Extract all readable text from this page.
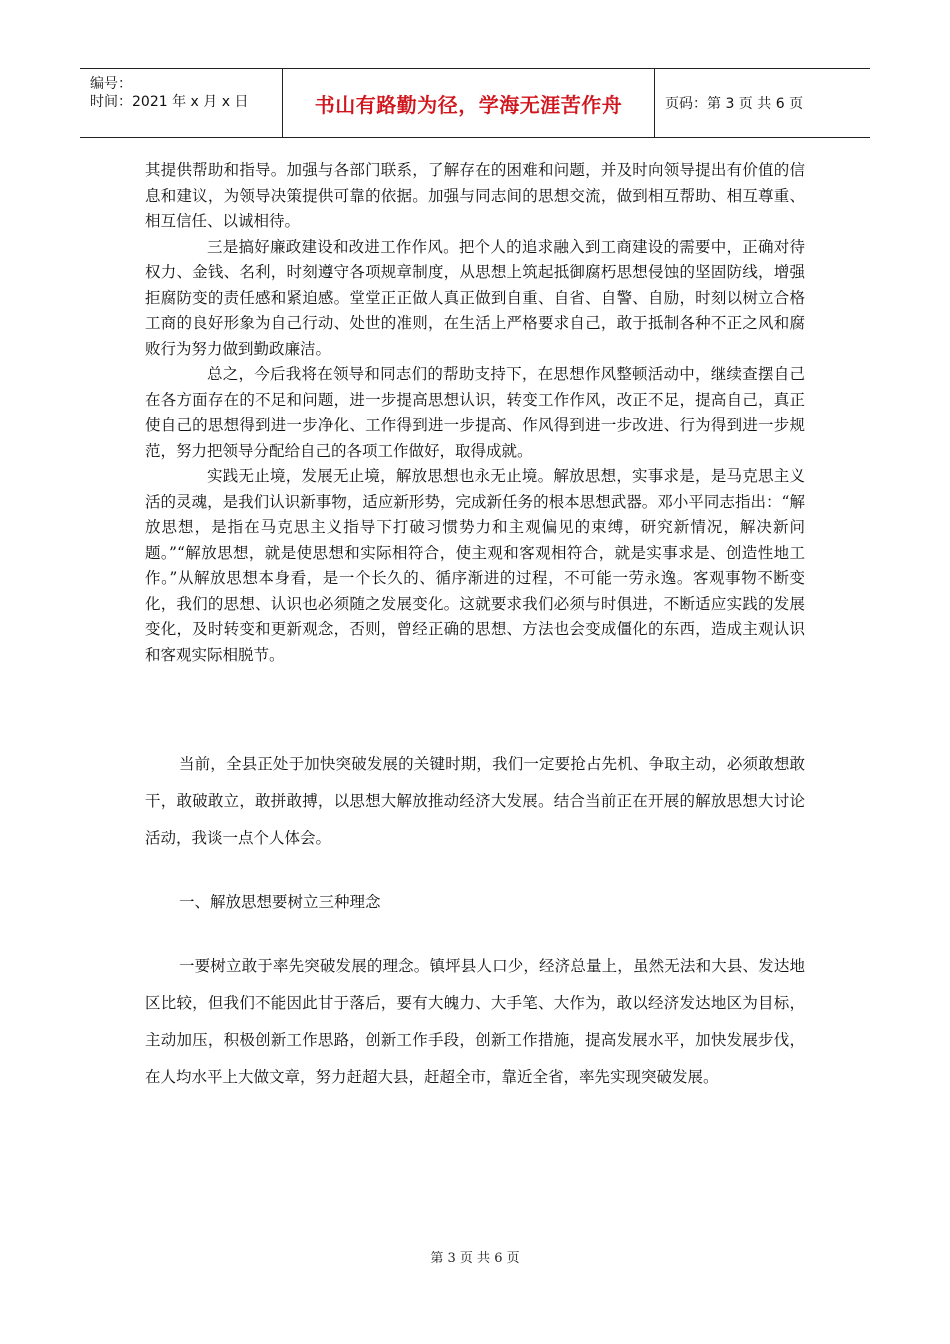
编号：
时间：2021 年 x 月 x 日	书山有路勤为径，学海无涯苦作舟	页码：第 3 页 共 6 页

其提供帮助和指导。加强与各部门联系，了解存在的困难和问题，并及时向领导提出有价值的信息和建议，为领导决策提供可靠的依据。加强与同志间的思想交流，做到相互帮助、相互尊重、相互信任、以诚相待。

三是搞好廉政建设和改进工作作风。把个人的追求融入到工商建设的需要中，正确对待权力、金钱、名利，时刻遵守各项规章制度，从思想上筑起抵御腐朽思想侵蚀的坚固防线，增强拒腐防变的责任感和紧迫感。堂堂正正做人真正做到自重、自省、自警、自励，时刻以树立合格工商的良好形象为自己行动、处世的准则，在生活上严格要求自己，敢于抵制各种不正之风和腐败行为努力做到勤政廉洁。

总之，今后我将在领导和同志们的帮助支持下，在思想作风整顿活动中，继续查摆自己在各方面存在的不足和问题，进一步提高思想认识，转变工作作风，改正不足，提高自己，真正使自己的思想得到进一步净化、工作得到进一步提高、作风得到进一步改进、行为得到进一步规范，努力把领导分配给自己的各项工作做好，取得成就。

实践无止境，发展无止境，解放思想也永无止境。解放思想，实事求是，是马克思主义活的灵魂，是我们认识新事物，适应新形势，完成新任务的根本思想武器。邓小平同志指出：“解放思想，是指在马克思主义指导下打破习惯势力和主观偏见的束缚，研究新情况，解决新问题。”“解放思想，就是使思想和实际相符合，使主观和客观相符合，就是实事求是、创造性地工作。”从解放思想本身看，是一个长久的、循序渐进的过程，不可能一劳永逸。客观事物不断变化，我们的思想、认识也必须随之发展变化。这就要求我们必须与时俱进，不断适应实践的发展变化，及时转变和更新观念，否则，曾经正确的思想、方法也会变成僵化的东西，造成主观认识和客观实际相脱节。

当前，全县正处于加快突破发展的关键时期，我们一定要抢占先机、争取主动，必须敢想敢干，敢破敢立，敢拼敢搏，以思想大解放推动经济大发展。结合当前正在开展的解放思想大讨论活动，我谈一点个人体会。

一、解放思想要树立三种理念

一要树立敢于率先突破发展的理念。镇坪县人口少，经济总量上，虽然无法和大县、发达地区比较，但我们不能因此甘于落后，要有大魄力、大手笔、大作为，敢以经济发达地区为目标，主动加压，积极创新工作思路，创新工作手段，创新工作措施，提高发展水平，加快发展步伐，在人均水平上大做文章，努力赶超大县，赶超全市，靠近全省，率先实现突破发展。

第 3 页 共 6 页
